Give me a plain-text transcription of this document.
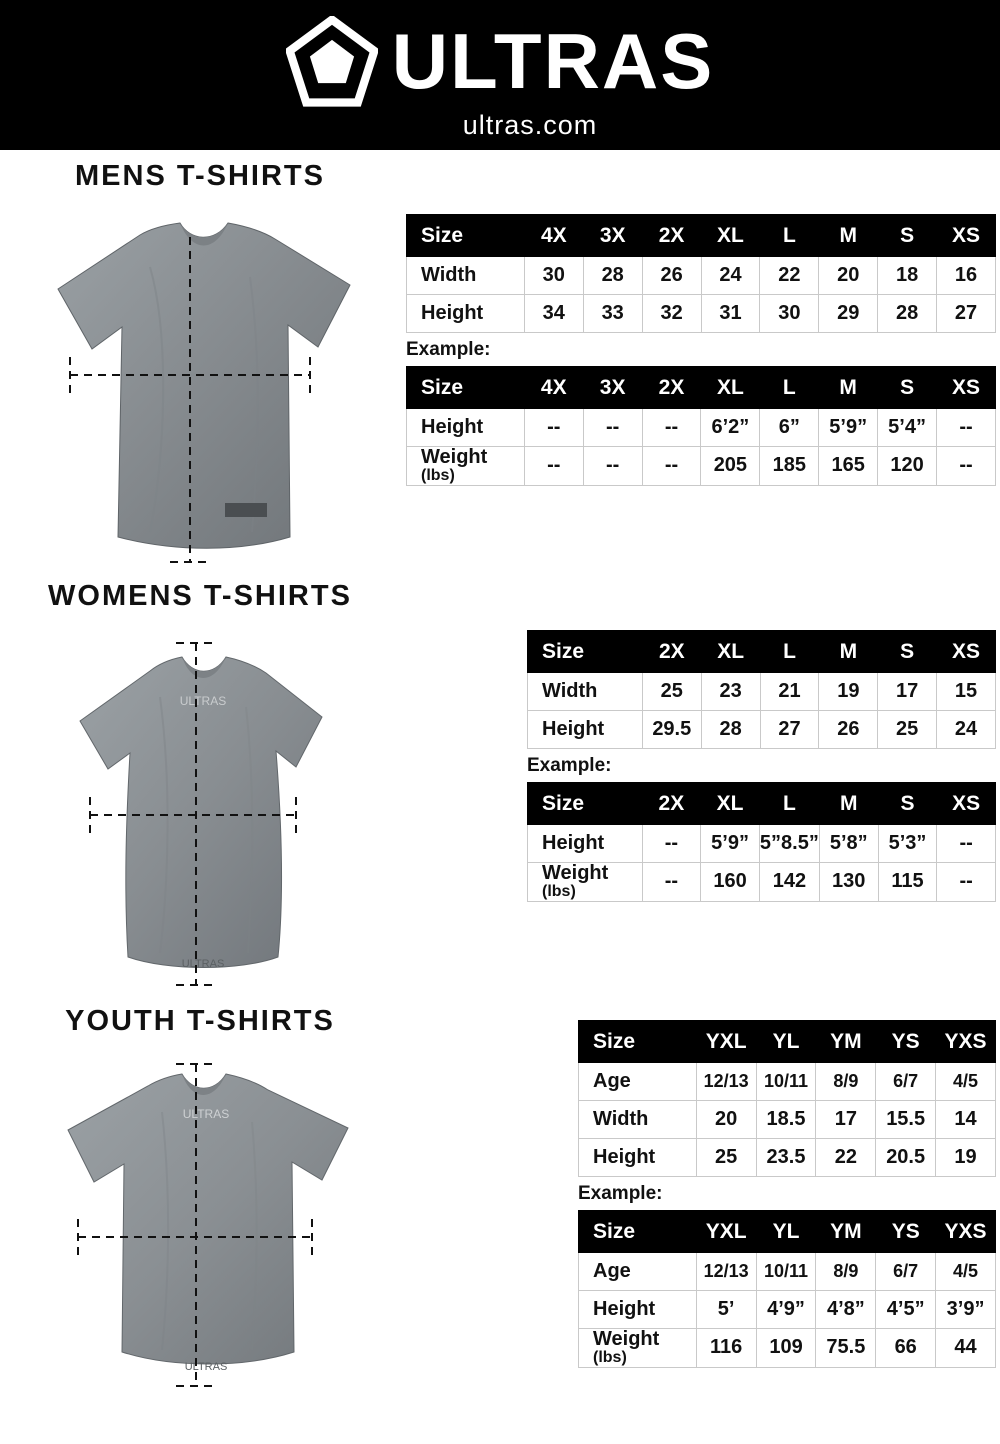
ULTRAS
ultras.com
MENS T-SHIRTS
Size	4X	3X	2X	XL	L	M	S	XS
Width	30	28	26	24	22	20	18	16
Height	34	33	32	31	30	29	28	27
Example:
Size	4X	3X	2X	XL	L	M	S	XS
Height	--	--	--	6’2”	6”	5’9”	5’4”	--
Weight
(lbs)	--	--	--	205	185	165	120	--
WOMENS T-SHIRTS
ULTRAS
ULTRAS
Size	2X	XL	L	M	S	XS
Width	25	23	21	19	17	15
Height	29.5	28	27	26	25	24
Example:
Size	2X	XL	L	M	S	XS
Height	--	5’9”	5”8.5”	5’8”	5’3”	--
Weight
(lbs)	--	160	142	130	115	--
YOUTH T-SHIRTS
ULTRAS
ULTRAS
Size	YXL	YL	YM	YS	YXS
Age	12/13	10/11	8/9	6/7	4/5
Width	20	18.5	17	15.5	14
Height	25	23.5	22	20.5	19
Example:
Size	YXL	YL	YM	YS	YXS
Age	12/13	10/11	8/9	6/7	4/5
Height	5’	4’9”	4’8”	4’5”	3’9”
Weight
(lbs)	116	109	75.5	66	44
